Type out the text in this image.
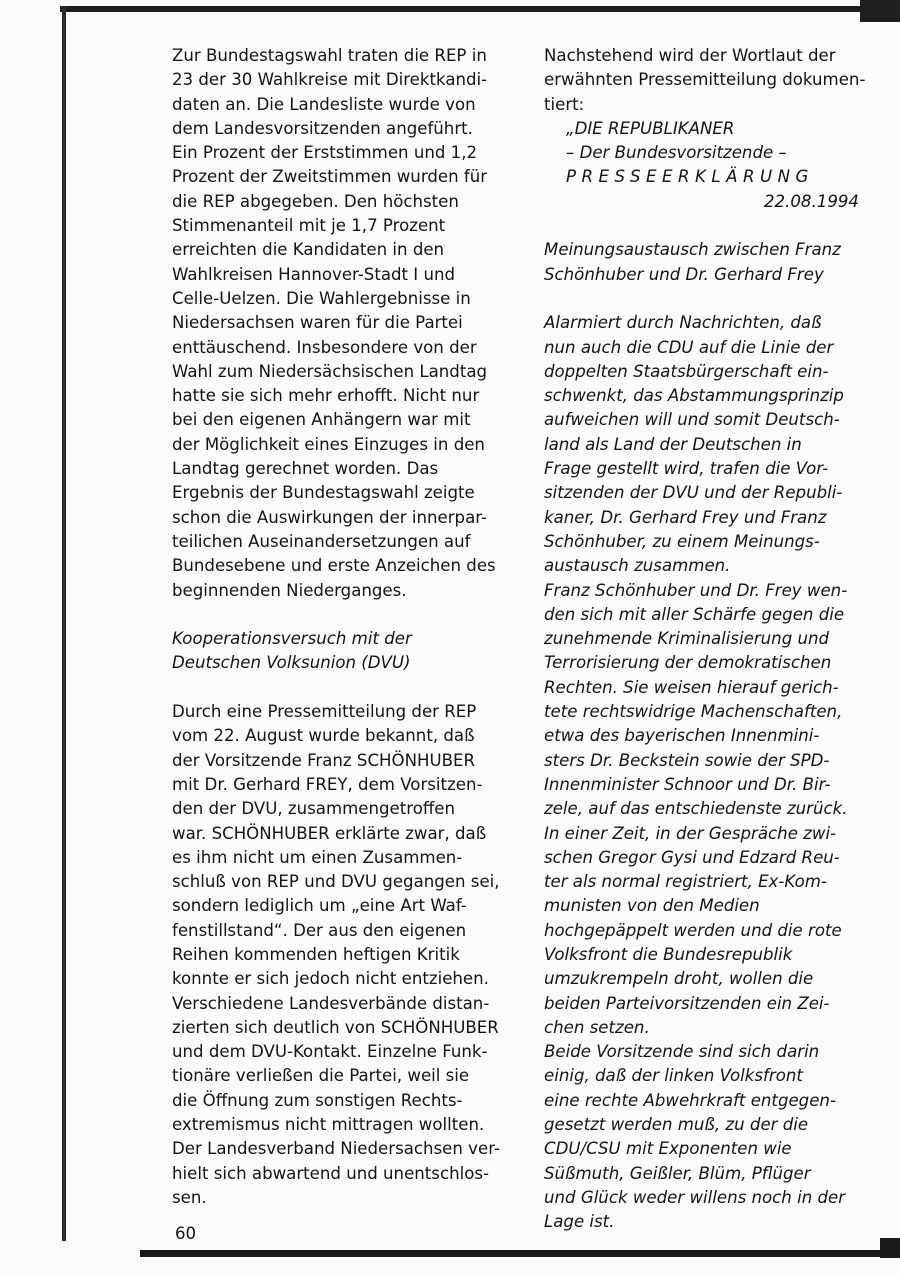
Zur Bundestagswahl traten die REP in
23 der 30 Wahlkreise mit Direktkandi-
daten an. Die Landesliste wurde von
dem Landesvorsitzenden angeführt.
Ein Prozent der Erststimmen und 1,2
Prozent der Zweitstimmen wurden für
die REP abgegeben. Den höchsten
Stimmenanteil mit je 1,7 Prozent
erreichten die Kandidaten in den
Wahlkreisen Hannover-Stadt I und
Celle-Uelzen. Die Wahlergebnisse in
Niedersachsen waren für die Partei
enttäuschend. Insbesondere von der
Wahl zum Niedersächsischen Landtag
hatte sie sich mehr erhofft. Nicht nur
bei den eigenen Anhängern war mit
der Möglichkeit eines Einzuges in den
Landtag gerechnet worden. Das
Ergebnis der Bundestagswahl zeigte
schon die Auswirkungen der innerpar-
teilichen Auseinandersetzungen auf
Bundesebene und erste Anzeichen des
beginnenden Niederganges.

Kooperationsversuch mit der
Deutschen Volksunion (DVU)

Durch eine Pressemitteilung der REP
vom 22. August wurde bekannt, daß
der Vorsitzende Franz SCHÖNHUBER
mit Dr. Gerhard FREY, dem Vorsitzen-
den der DVU, zusammengetroffen
war. SCHÖNHUBER erklärte zwar, daß
es ihm nicht um einen Zusammen-
schluß von REP und DVU gegangen sei,
sondern lediglich um „eine Art Waf-
fenstillstand“. Der aus den eigenen
Reihen kommenden heftigen Kritik
konnte er sich jedoch nicht entziehen.
Verschiedene Landesverbände distan-
zierten sich deutlich von SCHÖNHUBER
und dem DVU-Kontakt. Einzelne Funk-
tionäre verließen die Partei, weil sie
die Öffnung zum sonstigen Rechts-
extremismus nicht mittragen wollten.
Der Landesverband Niedersachsen ver-
hielt sich abwartend und unentschlos-
sen.

Nachstehend wird der Wortlaut der
erwähnten Pressemitteilung dokumen-
tiert:

„DIE REPUBLIKANER

– Der Bundesvorsitzende –

PRESSEERKLÄRUNG

22.08.1994

Meinungsaustausch zwischen Franz
Schönhuber und Dr. Gerhard Frey

Alarmiert durch Nachrichten, daß
nun auch die CDU auf die Linie der
doppelten Staatsbürgerschaft ein-
schwenkt, das Abstammungsprinzip
aufweichen will und somit Deutsch-
land als Land der Deutschen in
Frage gestellt wird, trafen die Vor-
sitzenden der DVU und der Republi-
kaner, Dr. Gerhard Frey und Franz
Schönhuber, zu einem Meinungs-
austausch zusammen.

Franz Schönhuber und Dr. Frey wen-
den sich mit aller Schärfe gegen die
zunehmende Kriminalisierung und
Terrorisierung der demokratischen
Rechten. Sie weisen hierauf gerich-
tete rechtswidrige Machenschaften,
etwa des bayerischen Innenmini-
sters Dr. Beckstein sowie der SPD-
Innenminister Schnoor und Dr. Bir-
zele, auf das entschiedenste zurück.
In einer Zeit, in der Gespräche zwi-
schen Gregor Gysi und Edzard Reu-
ter als normal registriert, Ex-Kom-
munisten von den Medien
hochgepäppelt werden und die rote
Volksfront die Bundesrepublik
umzukrempeln droht, wollen die
beiden Parteivorsitzenden ein Zei-
chen setzen.

Beide Vorsitzende sind sich darin
einig, daß der linken Volksfront
eine rechte Abwehrkraft entgegen-
gesetzt werden muß, zu der die
CDU/CSU mit Exponenten wie
Süßmuth, Geißler, Blüm, Pflüger
und Glück weder willens noch in der
Lage ist.

60
